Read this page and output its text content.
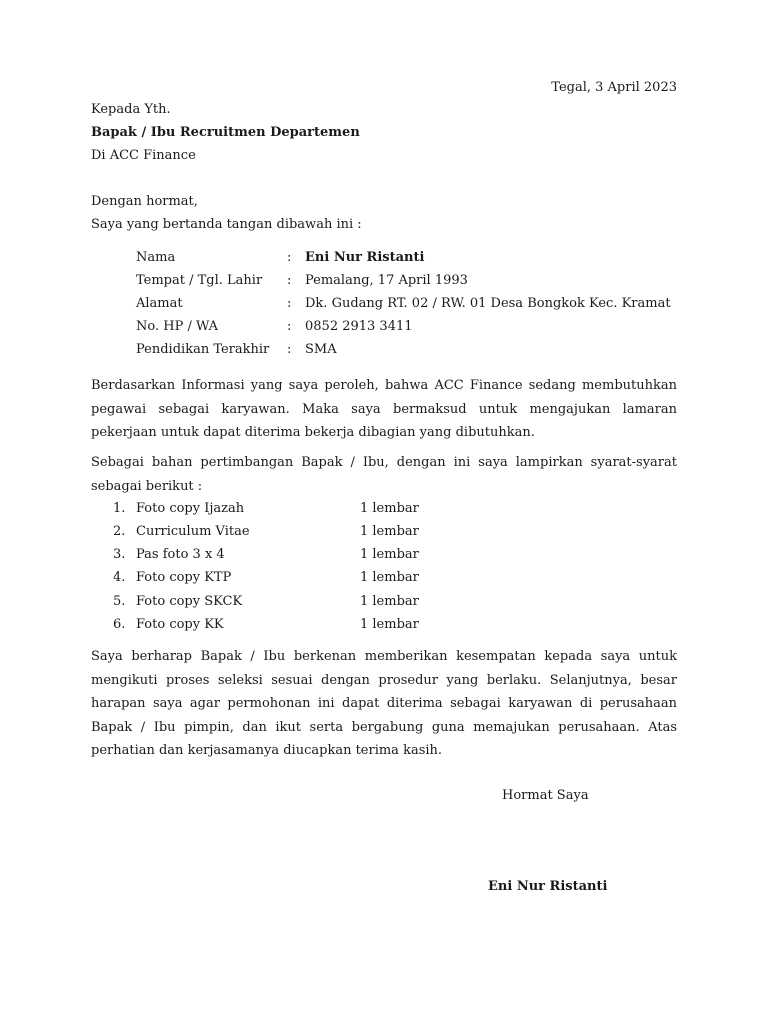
Tegal, 3 April 2023
Kepada Yth.
Bapak / Ibu Recruitmen Departemen
Di ACC Finance
Dengan hormat,
Saya yang bertanda tangan dibawah ini :
Nama	: Eni Nur Ristanti
Tempat / Tgl. Lahir : Pemalang, 17 April 1993
Alamat	: Dk. Gudang RT. 02 / RW. 01 Desa Bongkok Kec. Kramat
No. HP / WA	: 0852 2913 3411
Pendidikan Terakhir : SMA
Berdasarkan Informasi yang saya peroleh, bahwa ACC Finance sedang membutuhkan pegawai sebagai karyawan. Maka saya bermaksud untuk mengajukan lamaran pekerjaan untuk dapat diterima bekerja dibagian yang dibutuhkan.
Sebagai bahan pertimbangan Bapak / Ibu, dengan ini saya lampirkan syarat-syarat sebagai berikut :
1. Foto copy Ijazah	1 lembar
2. Curriculum Vitae	1 lembar
3. Pas foto 3 x 4	1 lembar
4. Foto copy KTP	1 lembar
5. Foto copy SKCK	1 lembar
6. Foto copy KK	1 lembar
Saya berharap Bapak / Ibu berkenan memberikan kesempatan kepada saya untuk mengikuti proses seleksi sesuai dengan prosedur yang berlaku. Selanjutnya, besar harapan saya agar permohonan ini dapat diterima sebagai karyawan di perusahaan Bapak / Ibu pimpin, dan ikut serta bergabung guna memajukan perusahaan. Atas perhatian dan kerjasamanya diucapkan terima kasih.
Hormat Saya
Eni Nur Ristanti
